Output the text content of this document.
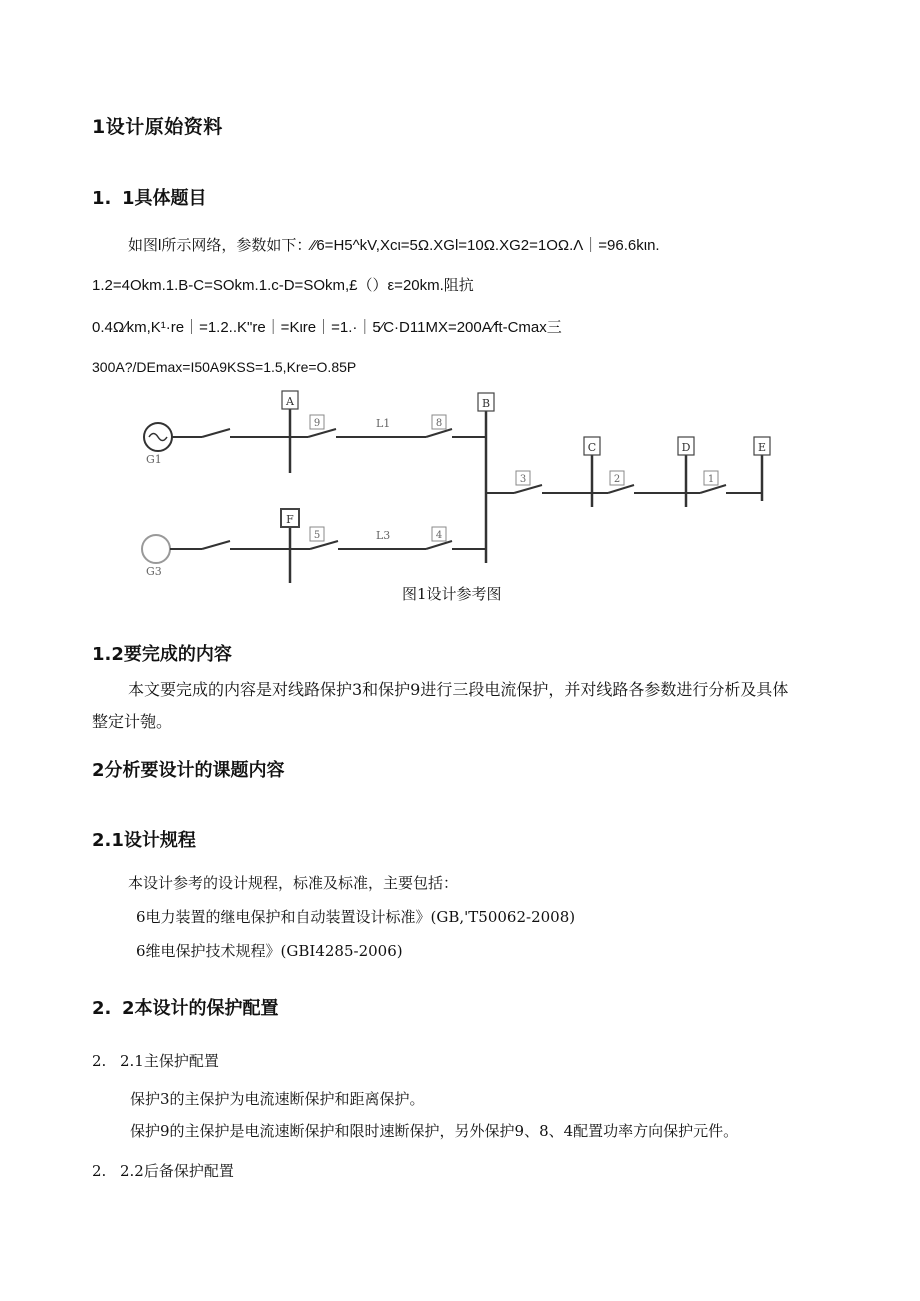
1设计原始资料
1. 1具体题目
如图l所示网络，参数如下：⁄⁄6=H5^kV,Xcι=5Ω.XGl=10Ω.XG2=1OΩ.Λ｜=96.6kιn.
1.2=4Okm.1.B-C=SOkm.1.c-D=SOkm,£（）ε=20km.阻抗
0.4Ω⁄km,K¹·re｜=1.2..K"re｜=Kιre｜=1.·｜5⁄C·D11MX=200A⁄ft-Cmax三
300A?/DEmax=I50A9KSS=1.5,Kre=O.85P
A	B
C	D	E
F
9	8
5	4
3	2	1
G1
G3
L1
L3
图1设计参考图
1.2要完成的内容
本文要完成的内容是对线路保护3和保护9进行三段电流保护，并对线路各参数进行分析及具体
整定计匏。
2分析要设计的课题内容
2.1设计规程
本设计参考的设计规程，标准及标准，主要包括：
6电力装置的继电保护和自动装置设计标准》(GB,'T50062-2008)
6维电保护技术规程》(GBI4285-2006)
2. 2本设计的保护配置
2. 2.1主保护配置
保护3的主保护为电流速断保护和距离保护。
保护9的主保护是电流速断保护和限时速断保护，另外保护9、8、4配置功率方向保护元件。
2. 2.2后备保护配置
